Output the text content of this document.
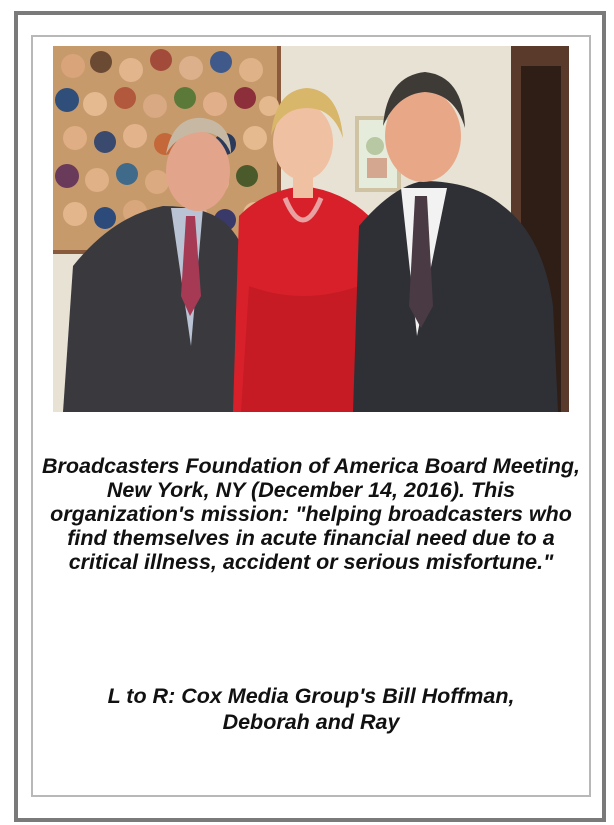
Broadcasters Foundation of America Board Meeting, New York, NY (December 14, 2016). This organization's mission: "helping broadcasters who find themselves in acute financial need due to a critical illness, accident or serious misfortune."
L to R: Cox Media Group's Bill Hoffman,
Deborah and Ray
